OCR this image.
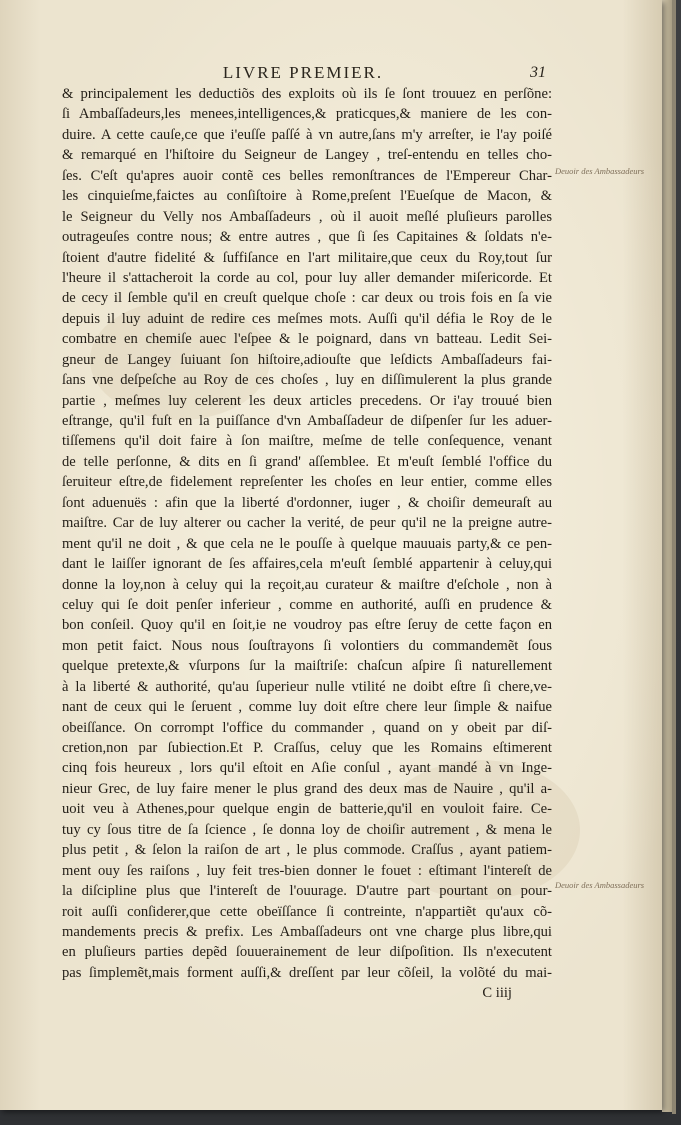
LIVRE PREMIER.	31
& principalement les deductiõs des exploits où ils ſe ſont trouuez en perſõne:
ſi Ambaſſadeurs,les menees,intelligences,& praticques,& maniere de les con-
duire. A cette cauſe,ce que i'euſſe paſſé à vn autre,ſans m'y arreſter, ie l'ay poiſé
& remarqué en l'hiſtoire du Seigneur de Langey , treſ-entendu en telles cho-
ſes. C'eſt qu'apres auoir contẽ ces belles remonſtrances de l'Empereur Char-
les cinquieſme,faictes au conſiſtoire à Rome,preſent l'Eueſque de Macon, &
le Seigneur du Velly nos Ambaſſadeurs , où il auoit meſlé pluſieurs parolles
outrageuſes contre nous; & entre autres , que ſi ſes Capitaines & ſoldats n'e-
ſtoient d'autre fidelité & ſuffiſance en l'art militaire,que ceux du Roy,tout ſur
l'heure il s'attacheroit la corde au col, pour luy aller demander miſericorde. Et
de cecy il ſemble qu'il en creuſt quelque choſe : car deux ou trois fois en ſa vie
depuis il luy aduint de redire ces meſmes mots. Auſſi qu'il défia le Roy de le
combatre en chemiſe auec l'eſpee & le poignard, dans vn batteau. Ledit Sei-
gneur de Langey ſuiuant ſon hiſtoire,adiouſte que leſdicts Ambaſſadeurs fai-
ſans vne deſpeſche au Roy de ces choſes , luy en diſſimulerent la plus grande
partie , meſmes luy celerent les deux articles precedens. Or i'ay trouué bien
eſtrange, qu'il fuſt en la puiſſance d'vn Ambaſſadeur de diſpenſer ſur les aduer-
tiſſemens qu'il doit faire à ſon maiſtre, meſme de telle conſequence, venant
de telle perſonne, & dits en ſi grand' aſſemblee. Et m'euſt ſemblé l'office du
ſeruiteur eſtre,de fidelement repreſenter les choſes en leur entier, comme elles
ſont aduenuës : afin que la liberté d'ordonner, iuger , & choiſir demeuraſt au
maiſtre. Car de luy alterer ou cacher la verité, de peur qu'il ne la preigne autre-
ment qu'il ne doit , & que cela ne le pouſſe à quelque mauuais party,& ce pen-
dant le laiſſer ignorant de ſes affaires,cela m'euſt ſemblé appartenir à celuy,qui
donne la loy,non à celuy qui la reçoit,au curateur & maiſtre d'eſchole , non à
celuy qui ſe doit penſer inferieur , comme en authorité, auſſi en prudence &
bon conſeil. Quoy qu'il en ſoit,ie ne voudroy pas eſtre ſeruy de cette façon en
mon petit faict. Nous nous ſouſtrayons ſi volontiers du commandemẽt ſous
quelque pretexte,& vſurpons ſur la maiſtriſe: chaſcun aſpire ſi naturellement
à la liberté & authorité, qu'au ſuperieur nulle vtilité ne doibt eſtre ſi chere,ve-
nant de ceux qui le ſeruent , comme luy doit eſtre chere leur ſimple & naifue
obeiſſance. On corrompt l'office du commander , quand on y obeit par diſ-
cretion,non par ſubiection.Et P. Craſſus, celuy que les Romains eſtimerent
cinq fois heureux , lors qu'il eſtoit en Aſie conſul , ayant mandé à vn Inge-
nieur Grec, de luy faire mener le plus grand des deux mas de Nauire , qu'il a-
uoit veu à Athenes,pour quelque engin de batterie,qu'il en vouloit faire. Ce-
tuy cy ſous titre de ſa ſcience , ſe donna loy de choiſir autrement , & mena le
plus petit , & ſelon la raiſon de art , le plus commode. Craſſus , ayant patiem-
ment ouy ſes raiſons , luy feit tres-bien donner le fouet : eſtimant l'intereſt de
la diſcipline plus que l'intereſt de l'ouurage. D'autre part pourtant on pour-
roit auſſi conſiderer,que cette obeïſſance ſi contreinte, n'appartiẽt qu'aux cõ-
mandements precis & prefix. Les Ambaſſadeurs ont vne charge plus libre,qui
en pluſieurs parties depẽd ſouuerainement de leur diſpoſition. Ils n'executent
pas ſimplemẽt,mais forment auſſi,& dreſſent par leur cõſeil, la volõté du mai-
C iiij
Deuoir des Ambassadeurs
Deuoir des Ambassadeurs
